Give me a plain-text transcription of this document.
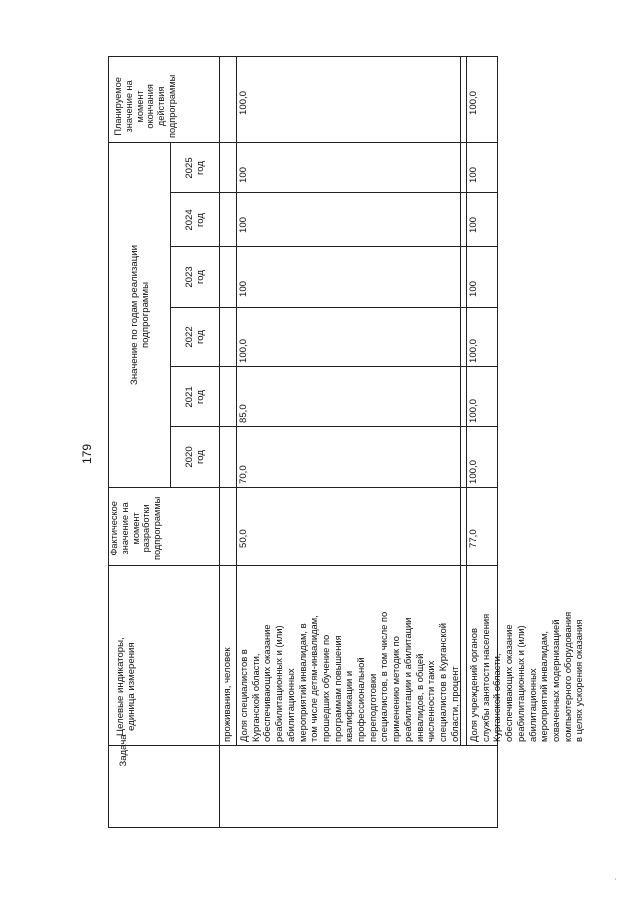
179
Задача
Целевые индикаторы,
единица измерения
Фактическое
значение на
момент
разработки
подпрограммы
Значение по годам реализации
подпрограммы
2020
год
2021
год
2022
год
2023
год
2024
год
2025
год
Планируемое
значение на
момент
окончания
действия
подпрограммы
проживания, человек Доля специалистов в
Курганской области,
обеспечивающих оказание
реабилитационных и (или)
абилитационных
мероприятий инвалидам, в
том числе детям-инвалидам,
прошедших обучение по
программам повышения
квалификации и
профессиональной
переподготовки
специалистов, в том числе по
применению методик по
реабилитации и абилитации
инвалидов, в общей
численности таких
специалистов в Курганской
области, процент
50,0
70,0
85,0
100,0
100
100
100
100,0
Доля учреждений органов
службы занятости населения
Курганской области,
обеспечивающих оказание
реабилитационных и (или)
абилитационных
мероприятий инвалидам,
охваченных модернизацией
компьютерного оборудования
в целях ускорения оказания
77,0
100,0
100,0
100,0
100
100
100
100,0
'
